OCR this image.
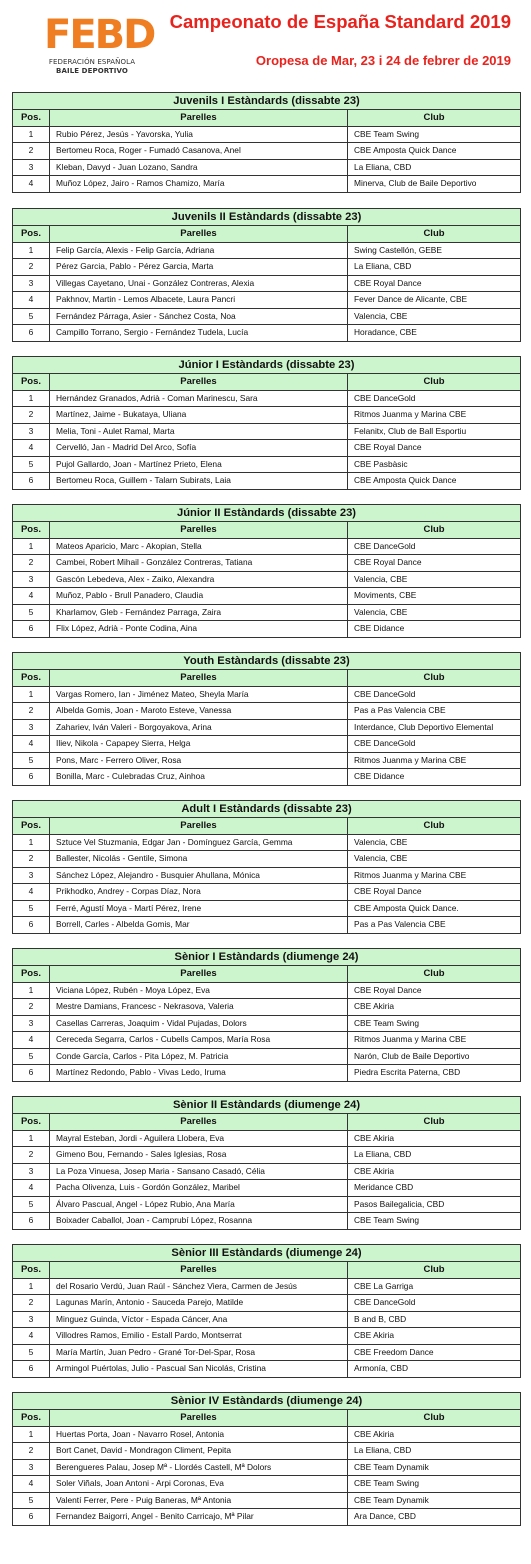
FEBD
FEDERACIÓN ESPAÑOLA
BAILE DEPORTIVO
Campeonato de España Standard 2019
Oropesa de Mar, 23 i 24 de febrer de 2019
Juvenils I Estàndards (dissabte 23)		
Pos.	Parelles	Club
1	Rubio Pérez, Jesús - Yavorska, Yulia	CBE Team Swing
2	Bertomeu Roca, Roger - Fumadó Casanova, Anel	CBE Amposta Quick Dance
3	Kleban, Davyd - Juan Lozano, Sandra	La Eliana, CBD
4	Muñoz López, Jairo - Ramos Chamizo, María	Minerva, Club de Baile Deportivo
Juvenils II Estàndards (dissabte 23)		
Pos.	Parelles	Club
1	Felip García, Alexis - Felip García, Adriana	Swing Castellón, GEBE
2	Pérez Garcia, Pablo - Pérez Garcia, Marta	La Eliana, CBD
3	Villegas Cayetano, Unai - González Contreras, Alexia	CBE Royal Dance
4	Pakhnov, Martin - Lemos Albacete, Laura Pancri	Fever Dance de Alicante, CBE
5	Fernández Párraga, Asier - Sánchez Costa, Noa	Valencia, CBE
6	Campillo Torrano, Sergio - Fernández Tudela, Lucía	Horadance, CBE
Júnior I Estàndards (dissabte 23)		
Pos.	Parelles	Club
1	Hernández Granados, Adrià - Coman Marinescu, Sara	CBE DanceGold
2	Martínez, Jaime - Bukataya, Uliana	Ritmos Juanma y Marina CBE
3	Melia, Toni - Aulet Ramal, Marta	Felanitx, Club de Ball Esportiu
4	Cervelló, Jan - Madrid Del Arco, Sofía	CBE Royal Dance
5	Pujol Gallardo, Joan - Martínez Prieto, Elena	CBE Pasbàsic
6	Bertomeu Roca, Guillem - Talarn Subirats, Laia	CBE Amposta Quick Dance
Júnior II Estàndards (dissabte 23)		
Pos.	Parelles	Club
1	Mateos Aparicio, Marc - Akopian, Stella	CBE DanceGold
2	Cambei, Robert Mihail - González Contreras, Tatiana	CBE Royal Dance
3	Gascón Lebedeva, Alex - Zaiko, Alexandra	Valencia, CBE
4	Muñoz, Pablo - Brull Panadero, Claudia	Moviments, CBE
5	Kharlamov, Gleb - Fernández Parraga, Zaira	Valencia, CBE
6	Flix López, Adrià - Ponte Codina, Aina	CBE Didance
Youth Estàndards (dissabte 23)		
Pos.	Parelles	Club
1	Vargas Romero, Ian - Jiménez Mateo, Sheyla María	CBE DanceGold
2	Albelda Gomis, Joan - Maroto Esteve, Vanessa	Pas a Pas Valencia CBE
3	Zahariev, Iván Valeri - Borgoyakova, Arina	Interdance, Club Deportivo Elemental
4	Iliev, Nikola - Capapey Sierra, Helga	CBE DanceGold
5	Pons, Marc - Ferrero Oliver, Rosa	Ritmos Juanma y Marina CBE
6	Bonilla, Marc - Culebradas Cruz, Ainhoa	CBE Didance
Adult I Estàndards (dissabte 23)		
Pos.	Parelles	Club
1	Sztuce Vel Stuzmania, Edgar Jan - Domínguez García, Gemma	Valencia, CBE
2	Ballester, Nicolás - Gentile, Simona	Valencia, CBE
3	Sánchez López, Alejandro - Busquier Ahullana, Mónica	Ritmos Juanma y Marina CBE
4	Prikhodko, Andrey - Corpas Díaz, Nora	CBE Royal Dance
5	Ferré, Agustí Moya - Martí Pérez, Irene	CBE Amposta Quick Dance.
6	Borrell, Carles - Albelda Gomis, Mar	Pas a Pas Valencia CBE
Sènior I Estàndards (diumenge 24)		
Pos.	Parelles	Club
1	Viciana López, Rubén - Moya López, Eva	CBE Royal Dance
2	Mestre Damians, Francesc - Nekrasova, Valeria	CBE Akiria
3	Casellas Carreras, Joaquim - Vidal Pujadas, Dolors	CBE Team Swing
4	Cereceda Segarra, Carlos - Cubells Campos, María Rosa	Ritmos Juanma y Marina CBE
5	Conde García, Carlos - Pita López, M. Patricia	Narón, Club de Baile Deportivo
6	Martínez Redondo, Pablo - Vivas Ledo, Iruma	Piedra Escrita Paterna, CBD
Sènior II Estàndards (diumenge 24)		
Pos.	Parelles	Club
1	Mayral Esteban, Jordi - Aguilera Llobera, Eva	CBE Akiria
2	Gimeno Bou, Fernando - Sales Iglesias, Rosa	La Eliana, CBD
3	La Poza Vinuesa, Josep Maria - Sansano Casadó, Célia	CBE Akiria
4	Pacha Olivenza, Luis - Gordón González, Maribel	Meridance CBD
5	Álvaro Pascual, Angel - López Rubio, Ana María	Pasos Bailegalicia, CBD
6	Boixader Caballol, Joan - Camprubí López, Rosanna	CBE Team Swing
Sènior III Estàndards (diumenge 24)		
Pos.	Parelles	Club
1	del Rosario Verdú, Juan Raúl - Sánchez Viera, Carmen de Jesús	CBE La Garriga
2	Lagunas Marín, Antonio - Sauceda Parejo, Matilde	CBE DanceGold
3	Minguez Guinda, Víctor - Espada Cáncer, Ana	B and B, CBD
4	Villodres Ramos, Emilio - Estall Pardo, Montserrat	CBE Akiria
5	María Martín, Juan Pedro - Grané Tor-Del-Spar, Rosa	CBE Freedom Dance
6	Armingol Puértolas, Julio - Pascual San Nicolás, Cristina	Armonía, CBD
Sènior IV Estàndards (diumenge 24)		
Pos.	Parelles	Club
1	Huertas Porta, Joan - Navarro Rosel, Antonia	CBE Akiria
2	Bort Canet, David - Mondragon Climent, Pepita	La Eliana, CBD
3	Berengueres Palau, Josep Mª - Llordés Castell, Mª Dolors	CBE Team Dynamik
4	Soler Viñals, Joan Antoni - Arpi Coronas, Eva	CBE Team Swing
5	Valentí Ferrer, Pere - Puig Baneras, Mª Antonia	CBE Team Dynamik
6	Fernandez Baigorri, Angel - Benito Carricajo, Mª Pilar	Ara Dance, CBD
